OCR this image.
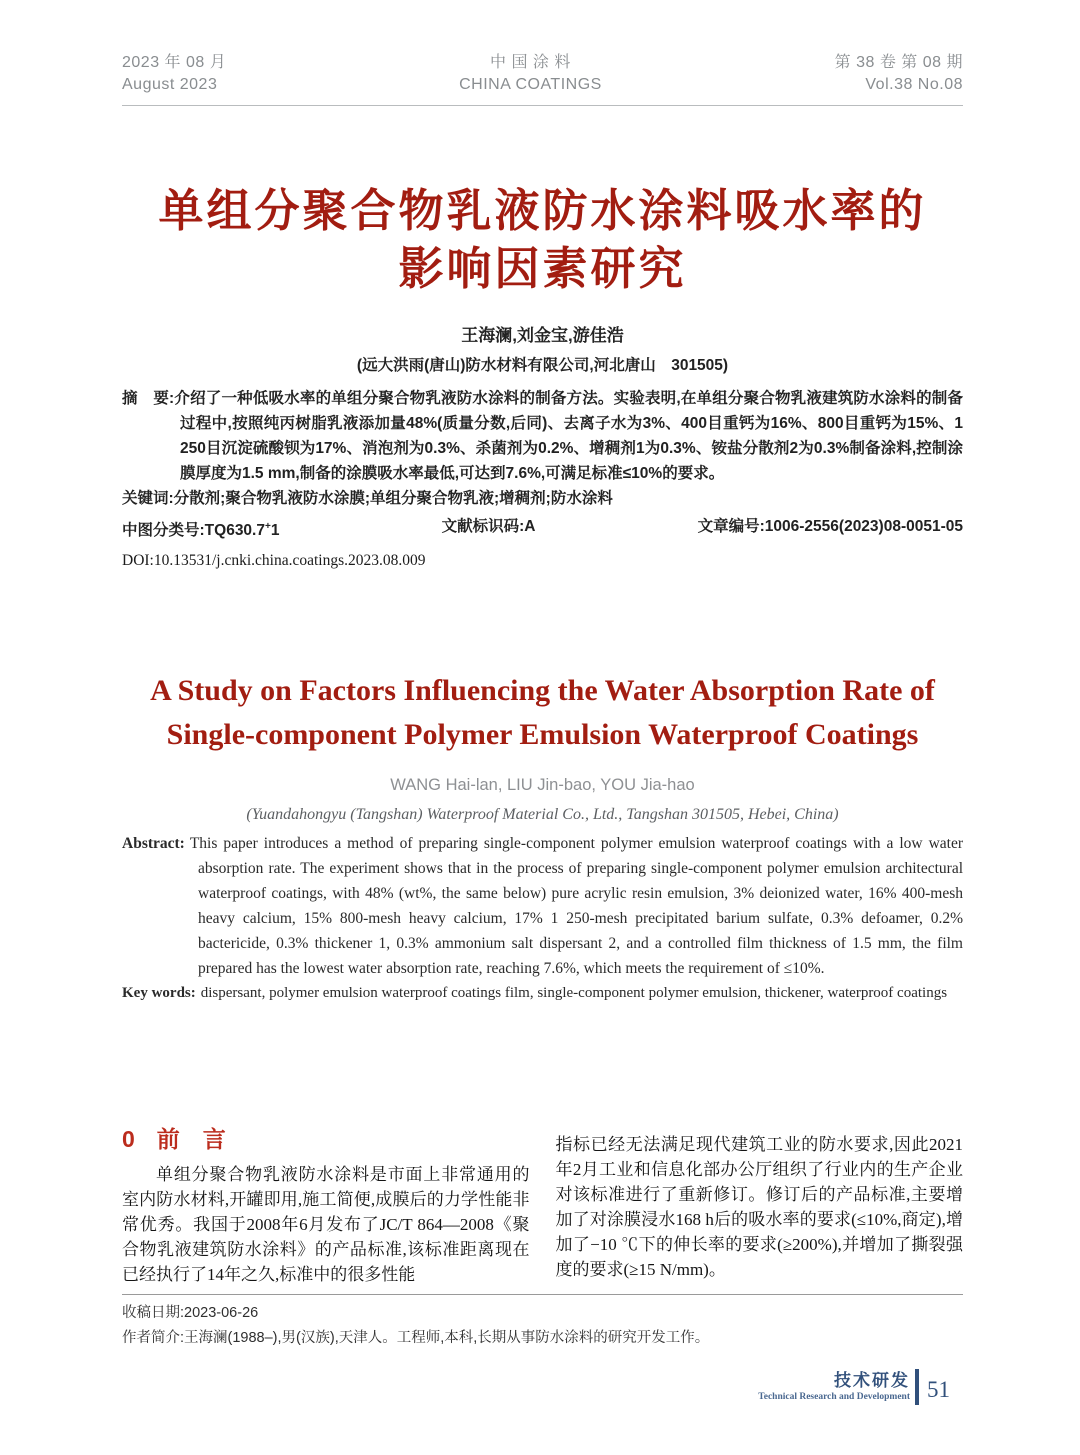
2023 年 08 月
August 2023
中 国 涂 料
CHINA COATINGS
第 38 卷 第 08 期
Vol.38 No.08
单组分聚合物乳液防水涂料吸水率的
影响因素研究
王海澜,刘金宝,游佳浩
(远大洪雨(唐山)防水材料有限公司,河北唐山　301505)

摘　要:介绍了一种低吸水率的单组分聚合物乳液防水涂料的制备方法。实验表明,在单组分聚合物乳液建筑防水涂料的制备过程中,按照纯丙树脂乳液添加量48%(质量分数,后同)、去离子水为3%、400目重钙为16%、800目重钙为15%、1 250目沉淀硫酸钡为17%、消泡剂为0.3%、杀菌剂为0.2%、增稠剂1为0.3%、铵盐分散剂2为0.3%制备涂料,控制涂膜厚度为1.5 mm,制备的涂膜吸水率最低,可达到7.6%,可满足标准≤10%的要求。

关键词:分散剂;聚合物乳液防水涂膜;单组分聚合物乳液;增稠剂;防水涂料

中图分类号:TQ630.7+1	文献标识码:A	文章编号:1006-2556(2023)08-0051-05
DOI:10.13531/j.cnki.china.coatings.2023.08.009
A Study on Factors Influencing the Water Absorption Rate of
Single-component Polymer Emulsion Waterproof Coatings
WANG Hai-lan, LIU Jin-bao, YOU Jia-hao
(Yuandahongyu (Tangshan) Waterproof Material Co., Ltd., Tangshan 301505, Hebei, China)

Abstract: This paper introduces a method of preparing single-component polymer emulsion waterproof coatings with a low water absorption rate. The experiment shows that in the process of preparing single-component polymer emulsion architectural waterproof coatings, with 48% (wt%, the same below) pure acrylic resin emulsion, 3% deionized water, 16% 400-mesh heavy calcium, 15% 800-mesh heavy calcium, 17% 1 250-mesh precipitated barium sulfate, 0.3% defoamer, 0.2% bactericide, 0.3% thickener 1, 0.3% ammonium salt dispersant 2, and a controlled film thickness of 1.5 mm, the film prepared has the lowest water absorption rate, reaching 7.6%, which meets the requirement of ≤10%.

Key words: dispersant, polymer emulsion waterproof coatings film, single-component polymer emulsion, thickener, waterproof coatings

0 前　言

单组分聚合物乳液防水涂料是市面上非常通用的室内防水材料,开罐即用,施工简便,成膜后的力学性能非常优秀。我国于2008年6月发布了JC/T 864—2008《聚合物乳液建筑防水涂料》的产品标准,该标准距离现在已经执行了14年之久,标准中的很多性能

指标已经无法满足现代建筑工业的防水要求,因此2021年2月工业和信息化部办公厅组织了行业内的生产企业对该标准进行了重新修订。修订后的产品标准,主要增加了对涂膜浸水168 h后的吸水率的要求(≤10%,商定),增加了−10 ℃下的伸长率的要求(≥200%),并增加了撕裂强度的要求(≥15 N/mm)。

收稿日期:2023-06-26

作者简介:王海澜(1988–),男(汉族),天津人。工程师,本科,长期从事防水涂料的研究开发工作。

技术研发
Technical Research and Development 51
